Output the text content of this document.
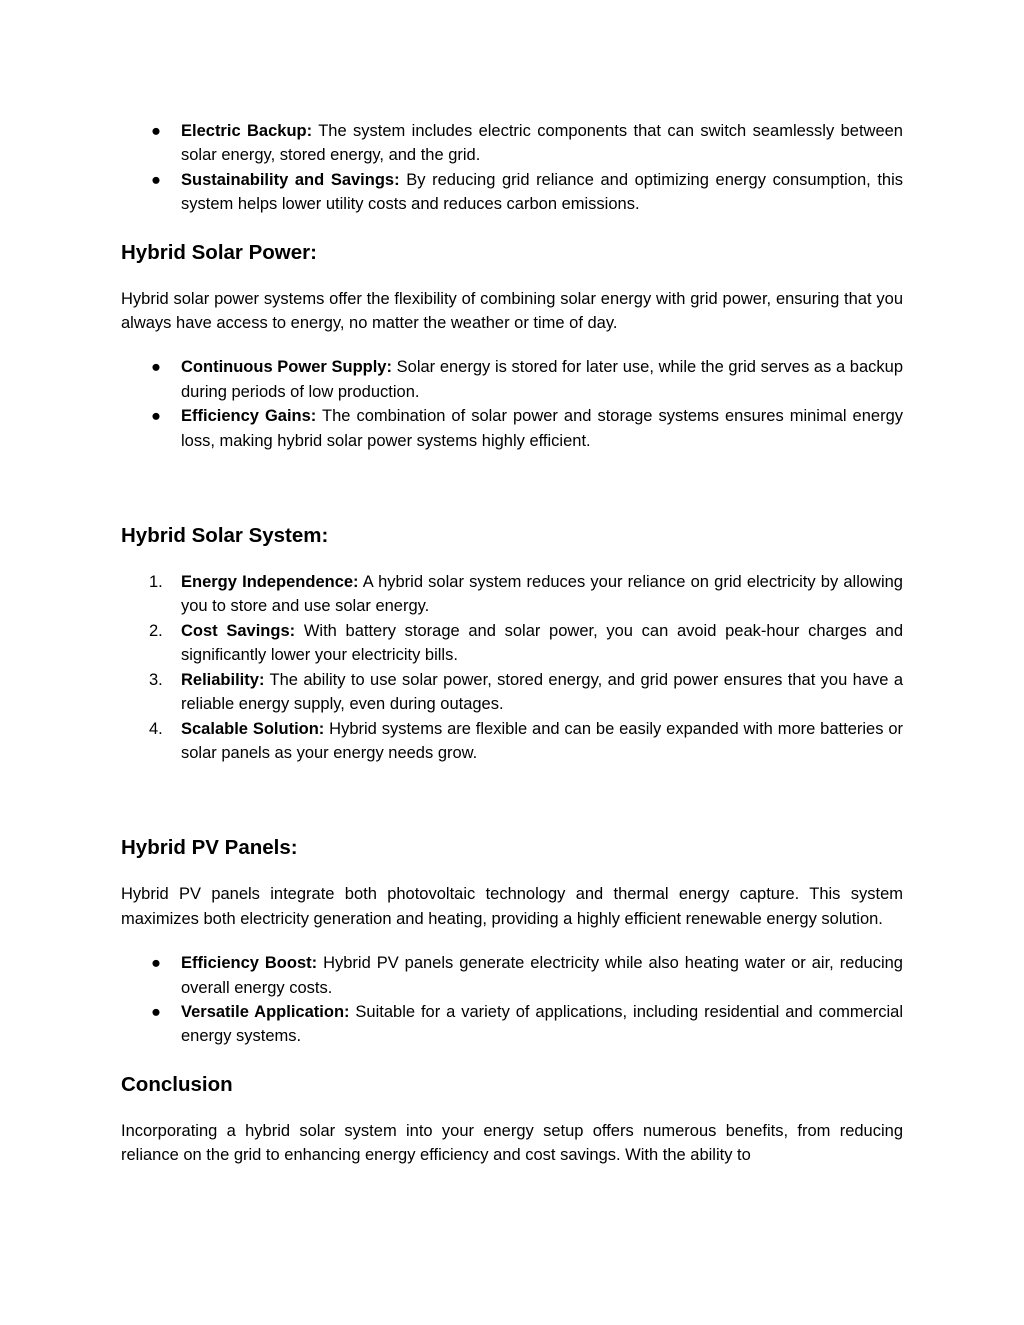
●	Electric Backup: The system includes electric components that can switch seamlessly between solar energy, stored energy, and the grid.
●	Sustainability and Savings: By reducing grid reliance and optimizing energy consumption, this system helps lower utility costs and reduces carbon emissions.
Hybrid Solar Power:

Hybrid solar power systems offer the flexibility of combining solar energy with grid power, ensuring that you always have access to energy, no matter the weather or time of day.

●	Continuous Power Supply: Solar energy is stored for later use, while the grid serves as a backup during periods of low production.
●	Efficiency Gains: The combination of solar power and storage systems ensures minimal energy loss, making hybrid solar power systems highly efficient.
Hybrid Solar System:
1.	Energy Independence: A hybrid solar system reduces your reliance on grid electricity by allowing you to store and use solar energy.
2.	Cost Savings: With battery storage and solar power, you can avoid peak-hour charges and significantly lower your electricity bills.
3.	Reliability: The ability to use solar power, stored energy, and grid power ensures that you have a reliable energy supply, even during outages.
4.	Scalable Solution: Hybrid systems are flexible and can be easily expanded with more batteries or solar panels as your energy needs grow.
Hybrid PV Panels:

Hybrid PV panels integrate both photovoltaic technology and thermal energy capture. This system maximizes both electricity generation and heating, providing a highly efficient renewable energy solution.

●	Efficiency Boost: Hybrid PV panels generate electricity while also heating water or air, reducing overall energy costs.
●	Versatile Application: Suitable for a variety of applications, including residential and commercial energy systems.
Conclusion

Incorporating a hybrid solar system into your energy setup offers numerous benefits, from reducing reliance on the grid to enhancing energy efficiency and cost savings. With the ability to
